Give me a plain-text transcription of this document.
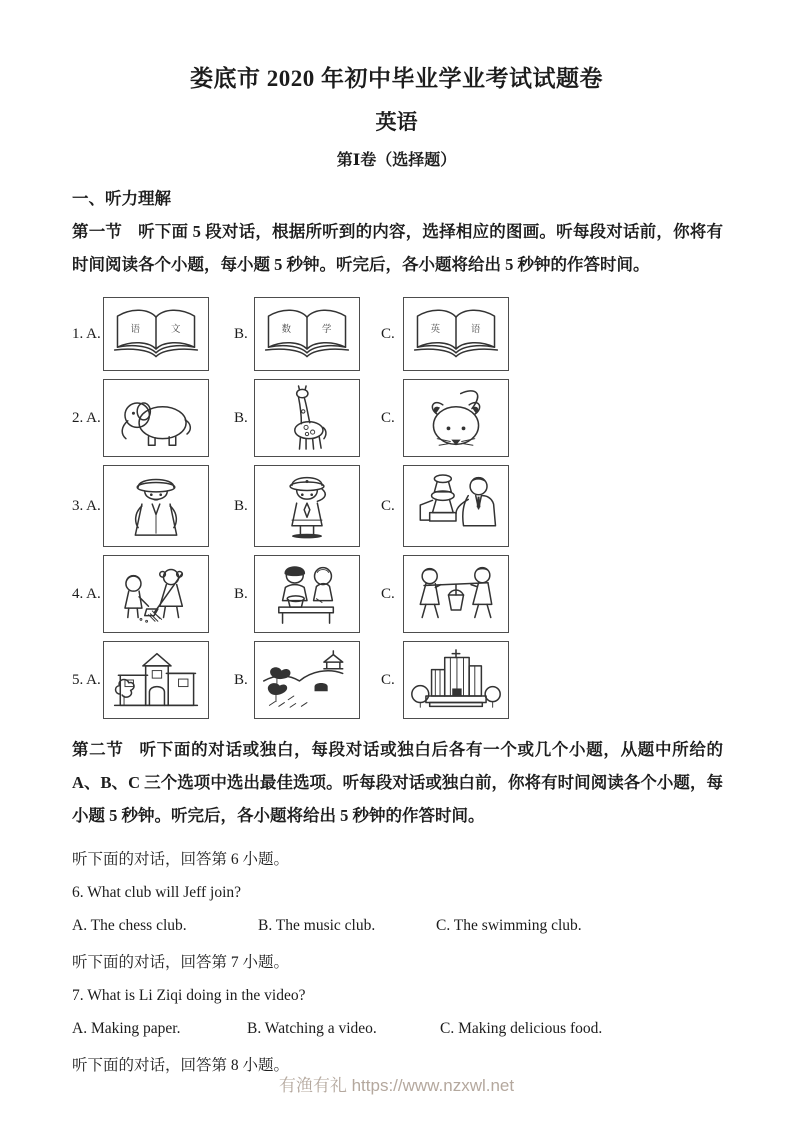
娄底市 2020 年初中毕业学业考试试题卷
英语
第Ⅰ卷（选择题）
一、听力理解

第一节 听下面 5 段对话，根据所听到的内容，选择相应的图画。听每段对话前，你将有时间阅读各个小题，每小题 5 秒钟。听完后，各小题将给出 5 秒钟的作答时间。

1. A.	语	文	B.	数	学	C.	英	语
2. A.	B.	C.
3. A.	B.	C.
4. A.	B.	C.
5. A.	B.	C.

第二节 听下面的对话或独白，每段对话或独白后各有一个或几个小题，从题中所给的 A、B、C 三个选项中选出最佳选项。听每段对话或独白前，你将有时间阅读各个小题，每小题 5 秒钟。听完后，各小题将给出 5 秒钟的作答时间。

听下面的对话，回答第 6 小题。

6. What club will Jeff join?

A. The chess club.	B. The music club.	C. The swimming club.

听下面的对话，回答第 7 小题。

7. What is Li Ziqi doing in the video?

A. Making paper.	B. Watching a video.	C. Making delicious food.

听下面的对话，回答第 8 小题。

有渔有礼 https://www.nzxwl.net
